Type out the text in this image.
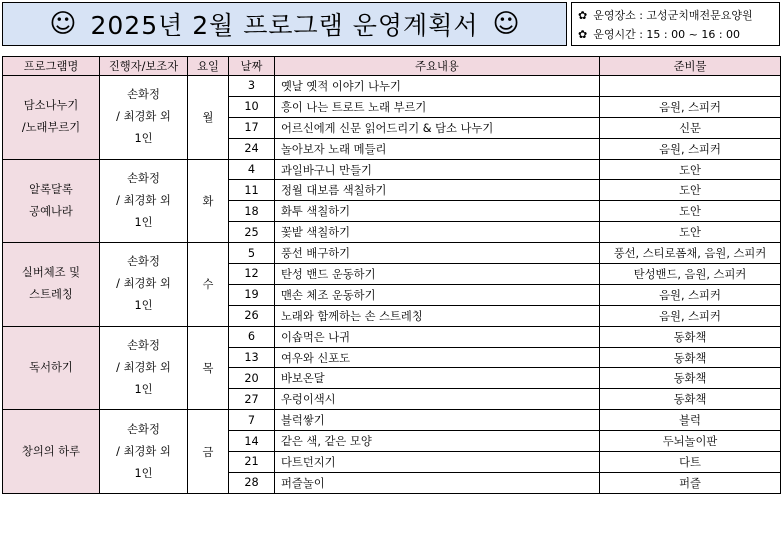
☺ 2025년 2월 프로그램 운영계획서 ☺	✿ 운영장소 : 고성군치매전문요양원
✿ 운영시간 : 15 : 00 ~ 16 : 00
프로그램명	진행자/보조자	요일	날짜	주요내용	준비물
담소나누기
/노래부르기	손화정
/ 최경화 외
1인	월	3	옛날 옛적 이야기 나누기	
			10	흥이 나는 트로트 노래 부르기	음원, 스피커
			17	어르신에게 신문 읽어드리기 & 담소 나누기	신문
			24	놀아보자 노래 메들리	음원, 스피커
알록달록
공예나라	손화정
/ 최경화 외
1인	화	4	과일바구니 만들기	도안
			11	정월 대보름 색칠하기	도안
			18	화투 색칠하기	도안
			25	꽃밭 색칠하기	도안
실버체조 및
스트레칭	손화정
/ 최경화 외
1인	수	5	풍선 배구하기	풍선, 스티로폼채, 음원, 스피커
			12	탄성 밴드 운동하기	탄성밴드, 음원, 스피커
			19	맨손 체조 운동하기	음원, 스피커
			26	노래와 함께하는 손 스트레칭	음원, 스피커
독서하기	손화정
/ 최경화 외
1인	목	6	이솝먹은 나귀	동화책
			13	여우와 신포도	동화책
			20	바보온달	동화책
			27	우렁이색시	동화책
창의의 하루	손화정
/ 최경화 외
1인	금	7	블럭쌓기	블럭
			14	같은 색, 같은 모양	두뇌놀이판
			21	다트던지기	다트
			28	퍼즐놀이	퍼즐
